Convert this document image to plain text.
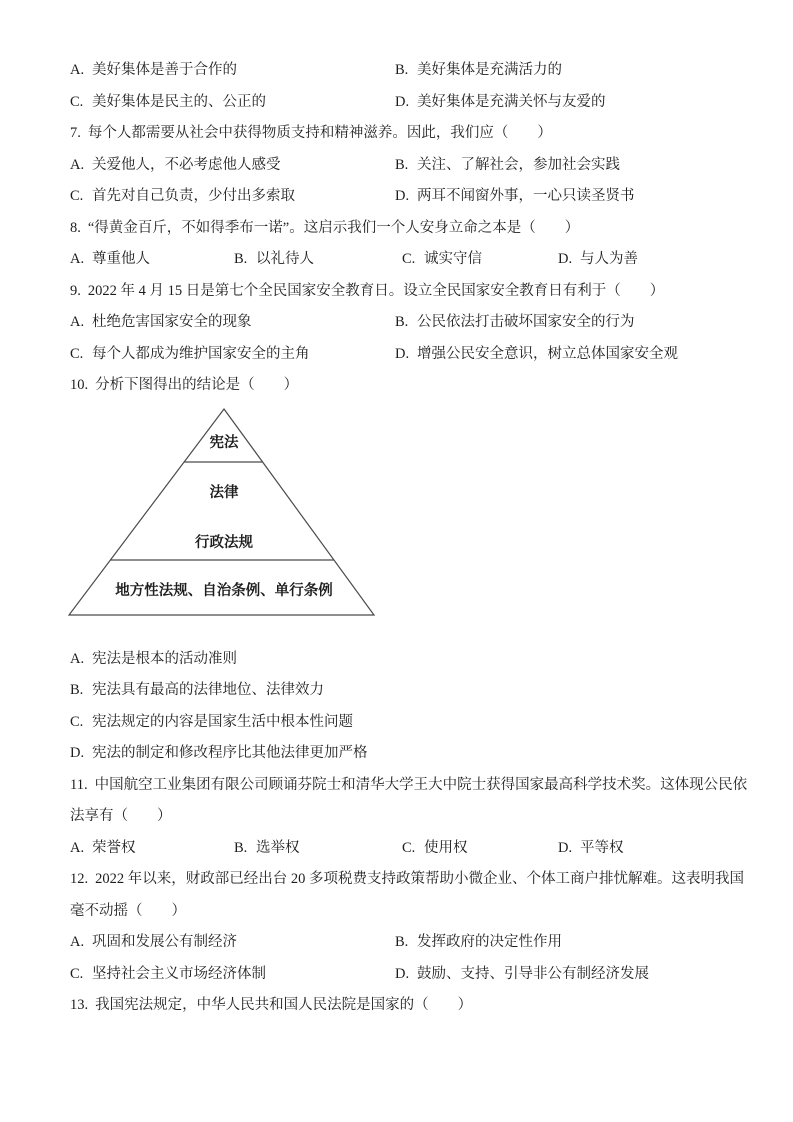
A. 美好集体是善于合作的	B. 美好集体是充满活力的
C. 美好集体是民主的、公正的	D. 美好集体是充满关怀与友爱的
7. 每个人都需要从社会中获得物质支持和精神滋养。因此，我们应（　　）
A. 关爱他人，不必考虑他人感受	B. 关注、了解社会，参加社会实践
C. 首先对自己负责，少付出多索取	D. 两耳不闻窗外事，一心只读圣贤书
8. “得黄金百斤，不如得季布一诺”。这启示我们一个人安身立命之本是（　　）
A. 尊重他人	B. 以礼待人	C. 诚实守信	D. 与人为善
9. 2022 年 4 月 15 日是第七个全民国家安全教育日。设立全民国家安全教育日有利于（　　）
A. 杜绝危害国家安全的现象	B. 公民依法打击破坏国家安全的行为
C. 每个人都成为维护国家安全的主角	D. 增强公民安全意识，树立总体国家安全观
10. 分析下图得出的结论是（　　）
宪法
法律
行政法规
地方性法规、自治条例、单行条例
A. 宪法是根本的活动准则
B. 宪法具有最高的法律地位、法律效力
C. 宪法规定的内容是国家生活中根本性问题
D. 宪法的制定和修改程序比其他法律更加严格
11. 中国航空工业集团有限公司顾诵芬院士和清华大学王大中院士获得国家最高科学技术奖。这体现公民依
法享有（　　）
A. 荣誉权	B. 选举权	C. 使用权	D. 平等权
12. 2022 年以来，财政部已经出台 20 多项税费支持政策帮助小微企业、个体工商户排忧解难。这表明我国
毫不动摇（　　）
A. 巩固和发展公有制经济	B. 发挥政府的决定性作用
C. 坚持社会主义市场经济体制	D. 鼓励、支持、引导非公有制经济发展
13. 我国宪法规定，中华人民共和国人民法院是国家的（　　）
